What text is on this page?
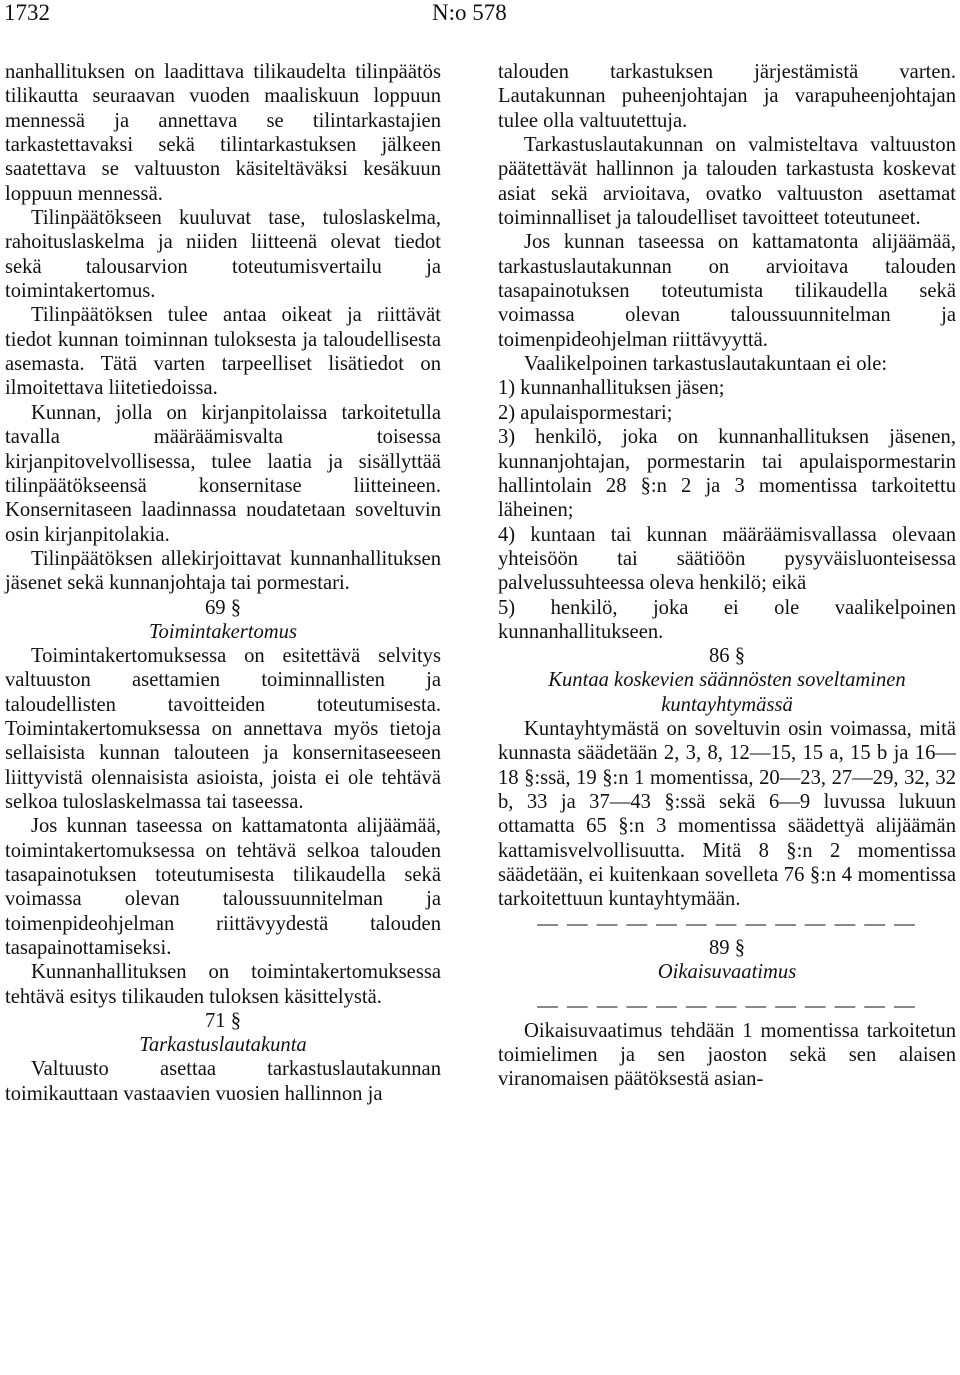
1732	N:o 578

nanhallituksen on laadittava tilikaudelta tilinpäätös tilikautta seuraavan vuoden maaliskuun loppuun mennessä ja annettava se tilintarkastajien tarkastettavaksi sekä tilintarkastuksen jälkeen saatettava se valtuuston käsiteltäväksi kesäkuun loppuun mennessä.

Tilinpäätökseen kuuluvat tase, tuloslaskelma, rahoituslaskelma ja niiden liitteenä olevat tiedot sekä talousarvion toteutumisvertailu ja toimintakertomus.

Tilinpäätöksen tulee antaa oikeat ja riittävät tiedot kunnan toiminnan tuloksesta ja taloudellisesta asemasta. Tätä varten tarpeelliset lisätiedot on ilmoitettava liitetiedoissa.

Kunnan, jolla on kirjanpitolaissa tarkoitetulla tavalla määräämisvalta toisessa kirjanpitovelvollisessa, tulee laatia ja sisällyttää tilinpäätökseensä konsernitase liitteineen. Konsernitaseen laadinnassa noudatetaan soveltuvin osin kirjanpitolakia.

Tilinpäätöksen allekirjoittavat kunnanhallituksen jäsenet sekä kunnanjohtaja tai pormestari.

69 §

Toimintakertomus

Toimintakertomuksessa on esitettävä selvitys valtuuston asettamien toiminnallisten ja taloudellisten tavoitteiden toteutumisesta. Toimintakertomuksessa on annettava myös tietoja sellaisista kunnan talouteen ja konsernitaseeseen liittyvistä olennaisista asioista, joista ei ole tehtävä selkoa tuloslaskelmassa tai taseessa.

Jos kunnan taseessa on kattamatonta alijäämää, toimintakertomuksessa on tehtävä selkoa talouden tasapainotuksen toteutumisesta tilikaudella sekä voimassa olevan taloussuunnitelman ja toimenpideohjelman riittävyydestä talouden tasapainottamiseksi.

Kunnanhallituksen on toimintakertomuksessa tehtävä esitys tilikauden tuloksen käsittelystä.

71 §

Tarkastuslautakunta

Valtuusto asettaa tarkastuslautakunnan toimikauttaan vastaavien vuosien hallinnon ja

talouden tarkastuksen järjestämistä varten. Lautakunnan puheenjohtajan ja varapuheenjohtajan tulee olla valtuutettuja.

Tarkastuslautakunnan on valmisteltava valtuuston päätettävät hallinnon ja talouden tarkastusta koskevat asiat sekä arvioitava, ovatko valtuuston asettamat toiminnalliset ja taloudelliset tavoitteet toteutuneet.

Jos kunnan taseessa on kattamatonta alijäämää, tarkastuslautakunnan on arvioitava talouden tasapainotuksen toteutumista tilikaudella sekä voimassa olevan taloussuunnitelman ja toimenpideohjelman riittävyyttä.

Vaalikelpoinen tarkastuslautakuntaan ei ole:

1) kunnanhallituksen jäsen;

2) apulaispormestari;

3) henkilö, joka on kunnanhallituksen jäsenen, kunnanjohtajan, pormestarin tai apulaispormestarin hallintolain 28 §:n 2 ja 3 momentissa tarkoitettu läheinen;

4) kuntaan tai kunnan määräämisvallassa olevaan yhteisöön tai säätiöön pysyväisluonteisessa palvelussuhteessa oleva henkilö; eikä

5) henkilö, joka ei ole vaalikelpoinen kunnanhallitukseen.

86 §

Kuntaa koskevien säännösten soveltaminen kuntayhtymässä

Kuntayhtymästä on soveltuvin osin voimassa, mitä kunnasta säädetään 2, 3, 8, 12—15, 15 a, 15 b ja 16—18 §:ssä, 19 §:n 1 momentissa, 20—23, 27—29, 32, 32 b, 33 ja 37—43 §:ssä sekä 6—9 luvussa lukuun ottamatta 65 §:n 3 momentissa säädettyä alijäämän kattamisvelvollisuutta. Mitä 8 §:n 2 momentissa säädetään, ei kuitenkaan sovelleta 76 §:n 4 momentissa tarkoitettuun kuntayhtymään.

— — — — — — — — — — — — —

89 §

Oikaisuvaatimus

— — — — — — — — — — — — —

Oikaisuvaatimus tehdään 1 momentissa tarkoitetun toimielimen ja sen jaoston sekä sen alaisen viranomaisen päätöksestä asian-
